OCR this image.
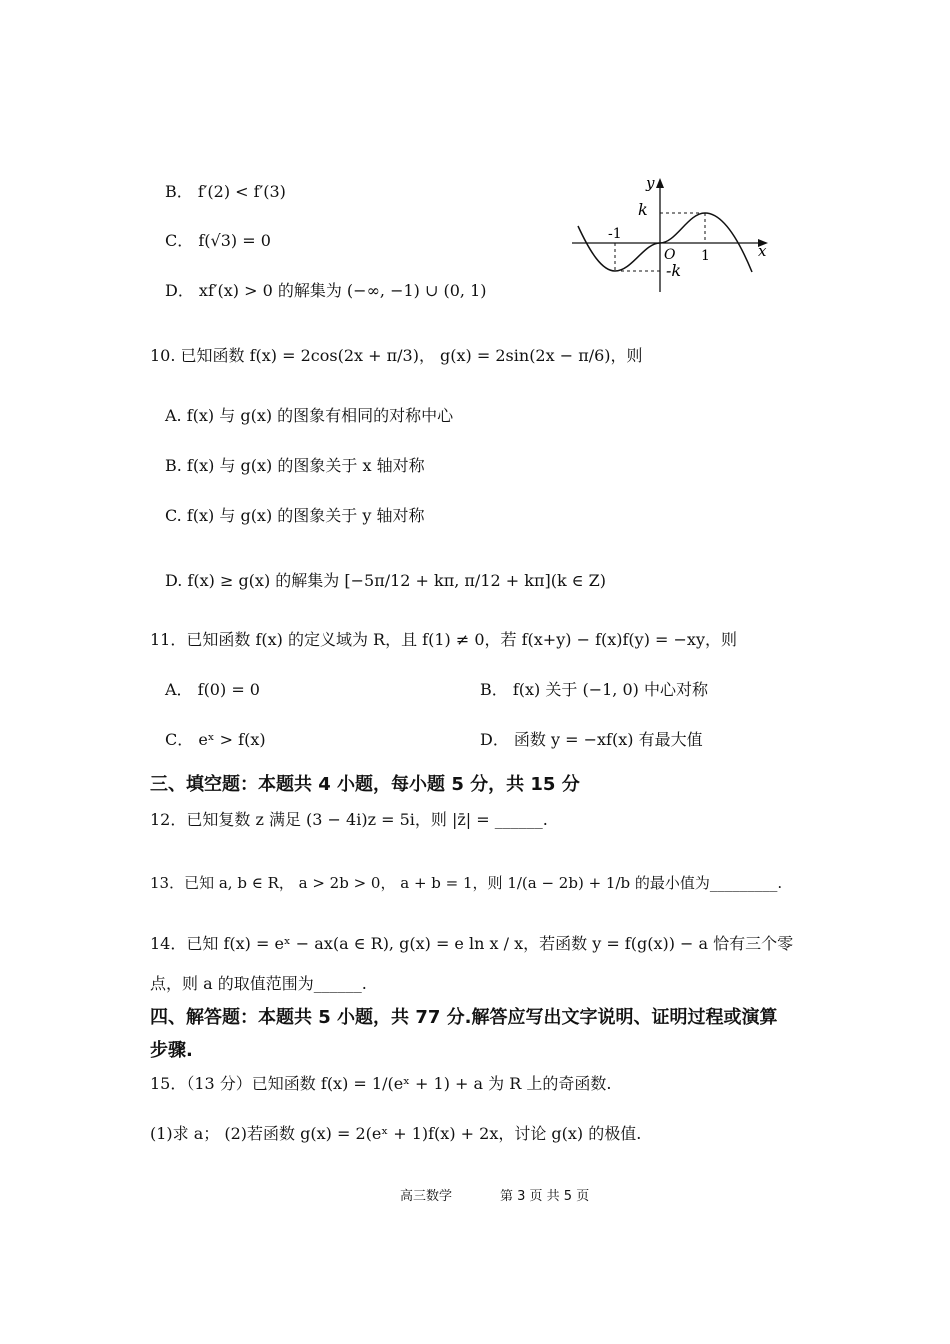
B． f′(2) < f′(3)
C． f(√3) = 0
D． xf′(x) > 0 的解集为 (−∞, −1) ∪ (0, 1)
y
x
k
-k
-1
1
O
10. 已知函数 f(x) = 2cos(2x + π/3)， g(x) = 2sin(2x − π/6)，则
A. f(x) 与 g(x) 的图象有相同的对称中心
B. f(x) 与 g(x) 的图象关于 x 轴对称
C. f(x) 与 g(x) 的图象关于 y 轴对称
D. f(x) ≥ g(x) 的解集为 [−5π/12 + kπ, π/12 + kπ](k ∈ Z)
11．已知函数 f(x) 的定义域为 R，且 f(1) ≠ 0，若 f(x+y) − f(x)f(y) = −xy，则
A． f(0) = 0	B． f(x) 关于 (−1, 0) 中心对称
C． eˣ > f(x)	D． 函数 y = −xf(x) 有最大值
三、填空题：本题共 4 小题，每小题 5 分，共 15 分
12．已知复数 z 满足 (3 − 4i)z = 5i，则 |z̄| = ______.
13．已知 a, b ∈ R， a > 2b > 0， a + b = 1，则 1/(a − 2b) + 1/b 的最小值为_________.
14．已知 f(x) = eˣ − ax(a ∈ R), g(x) = e ln x / x，若函数 y = f(g(x)) − a 恰有三个零
点，则 a 的取值范围为______.
四、解答题：本题共 5 小题，共 77 分.解答应写出文字说明、证明过程或演算
步骤.
15．（13 分）已知函数 f(x) = 1/(eˣ + 1) + a 为 R 上的奇函数.
(1)求 a； (2)若函数 g(x) = 2(eˣ + 1)f(x) + 2x，讨论 g(x) 的极值.
高三数学	第 3 页 共 5 页
